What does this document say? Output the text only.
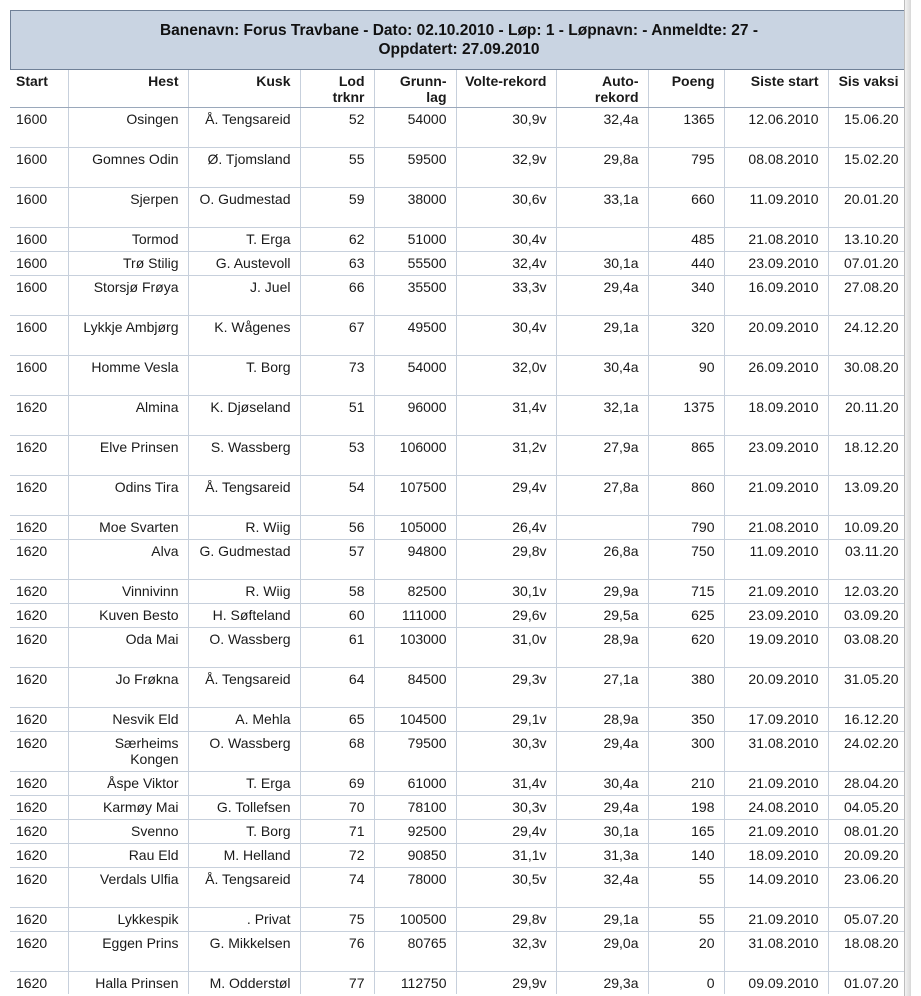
Banenavn: Forus Travbane - Dato: 02.10.2010 - Løp: 1 - Løpnavn: - Anmeldte: 27 -
Oppdatert: 27.09.2010
Start	Hest	Kusk	Lod trknr	Grunn-lag	Volte-rekord	Auto-rekord	Poeng	Siste start	Sis vaksi
1600	Osingen	Å. Tengsareid	52	54000	30,9v	32,4a	1365	12.06.2010	15.06.20
1600	Gomnes Odin	Ø. Tjomsland	55	59500	32,9v	29,8a	795	08.08.2010	15.02.20
1600	Sjerpen	O. Gudmestad	59	38000	30,6v	33,1a	660	11.09.2010	20.01.20
1600	Tormod	T. Erga	62	51000	30,4v		485	21.08.2010	13.10.20
1600	Trø Stilig	G. Austevoll	63	55500	32,4v	30,1a	440	23.09.2010	07.01.20
1600	Storsjø Frøya	J. Juel	66	35500	33,3v	29,4a	340	16.09.2010	27.08.20
1600	Lykkje Ambjørg	K. Wågenes	67	49500	30,4v	29,1a	320	20.09.2010	24.12.20
1600	Homme Vesla	T. Borg	73	54000	32,0v	30,4a	90	26.09.2010	30.08.20
1620	Almina	K. Djøseland	51	96000	31,4v	32,1a	1375	18.09.2010	20.11.20
1620	Elve Prinsen	S. Wassberg	53	106000	31,2v	27,9a	865	23.09.2010	18.12.20
1620	Odins Tira	Å. Tengsareid	54	107500	29,4v	27,8a	860	21.09.2010	13.09.20
1620	Moe Svarten	R. Wiig	56	105000	26,4v		790	21.08.2010	10.09.20
1620	Alva	G. Gudmestad	57	94800	29,8v	26,8a	750	11.09.2010	03.11.20
1620	Vinnivinn	R. Wiig	58	82500	30,1v	29,9a	715	21.09.2010	12.03.20
1620	Kuven Besto	H. Søfteland	60	111000	29,6v	29,5a	625	23.09.2010	03.09.20
1620	Oda Mai	O. Wassberg	61	103000	31,0v	28,9a	620	19.09.2010	03.08.20
1620	Jo Frøkna	Å. Tengsareid	64	84500	29,3v	27,1a	380	20.09.2010	31.05.20
1620	Nesvik Eld	A. Mehla	65	104500	29,1v	28,9a	350	17.09.2010	16.12.20
1620	Særheims Kongen	O. Wassberg	68	79500	30,3v	29,4a	300	31.08.2010	24.02.20
1620	Åspe Viktor	T. Erga	69	61000	31,4v	30,4a	210	21.09.2010	28.04.20
1620	Karmøy Mai	G. Tollefsen	70	78100	30,3v	29,4a	198	24.08.2010	04.05.20
1620	Svenno	T. Borg	71	92500	29,4v	30,1a	165	21.09.2010	08.01.20
1620	Rau Eld	M. Helland	72	90850	31,1v	31,3a	140	18.09.2010	20.09.20
1620	Verdals Ulfia	Å. Tengsareid	74	78000	30,5v	32,4a	55	14.09.2010	23.06.20
1620	Lykkespik	. Privat	75	100500	29,8v	29,1a	55	21.09.2010	05.07.20
1620	Eggen Prins	G. Mikkelsen	76	80765	32,3v	29,0a	20	31.08.2010	18.08.20
1620	Halla Prinsen	M. Odderstøl	77	112750	29,9v	29,3a	0	09.09.2010	01.07.20
